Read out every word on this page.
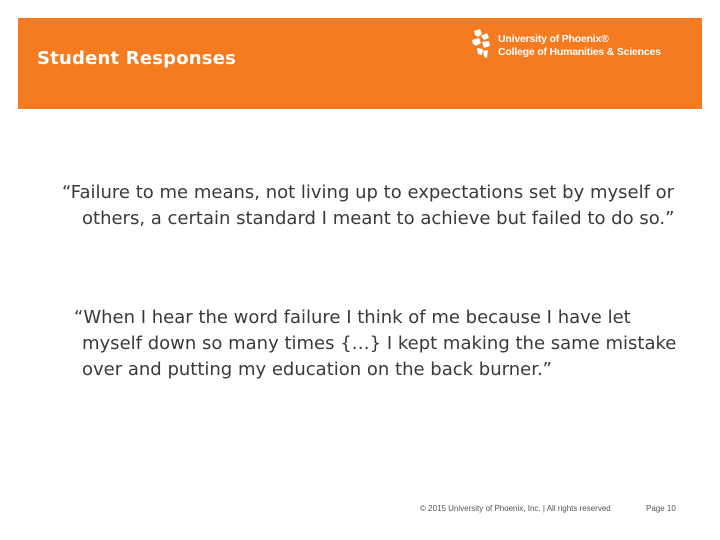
Student Responses
University of Phoenix®
College of Humanities & Sciences

“Failure to me means, not living up to expectations set by myself or others, a certain standard I meant to achieve but failed to do so.”

“When I hear the word failure I think of me because I have let myself down so many times {…} I kept making the same mistake over and putting my education on the back burner.”

© 2015 University of Phoenix, Inc. | All rights reserved	Page 10
